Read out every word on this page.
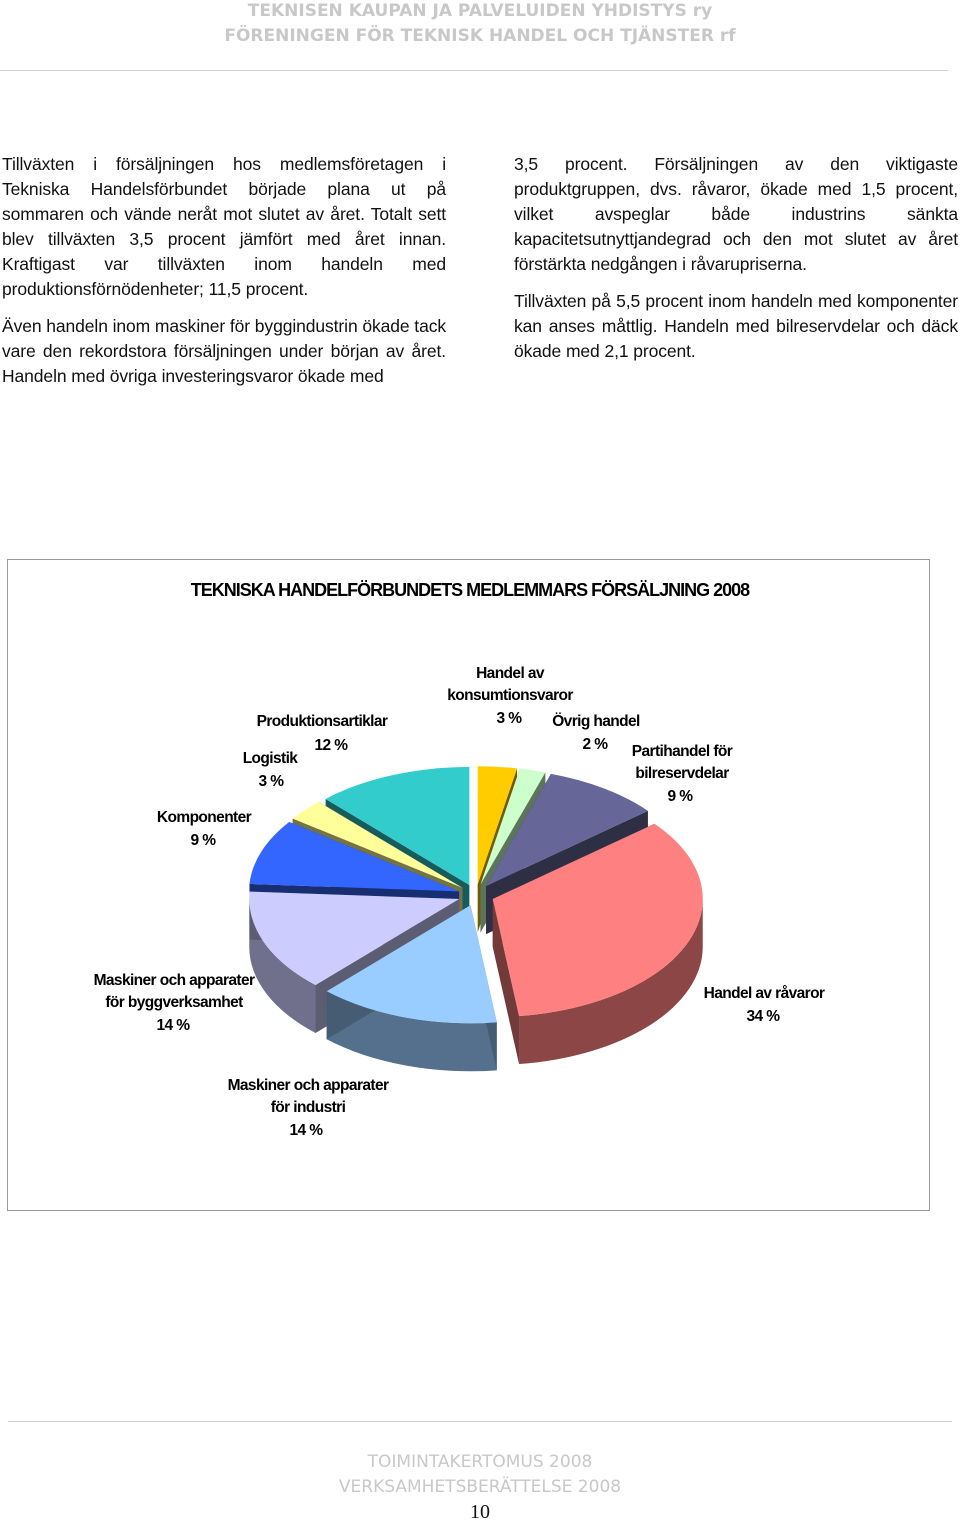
TEKNISEN KAUPAN JA PALVELUIDEN YHDISTYS ry
FÖRENINGEN FÖR TEKNISK HANDEL OCH TJÄNSTER rf

Tillväxten i försäljningen hos medlemsföretagen i Tekniska Handelsförbundet började plana ut på sommaren och vände neråt mot slutet av året. Totalt sett blev tillväxten 3,5 procent jämfört med året innan. Kraftigast var tillväxten inom handeln med produktionsförnödenheter; 11,5 procent.

Även handeln inom maskiner för byggindustrin ökade tack vare den rekordstora försäljningen under början av året. Handeln med övriga investeringsvaror ökade med

3,5 procent. Försäljningen av den viktigaste produktgruppen, dvs. råvaror, ökade med 1,5 procent, vilket avspeglar både industrins sänkta kapacitetsutnyttjandegrad och den mot slutet av året förstärkta nedgången i råvarupriserna.

Tillväxten på 5,5 procent inom handeln med komponenter kan anses måttlig. Handeln med bilreservdelar och däck ökade med 2,1 procent.

TEKNISKA HANDELFÖRBUNDETS MEDLEMMARS FÖRSÄLJNING 2008
Handel av
konsumtionsvaror
3 % Övrig handel
2 % Partihandel för
bilreservdelar
9 %
Handel av råvaror
34 %
Maskiner och apparater
för industri
14 %
Maskiner och apparater
för byggverksamhet
14 %
Komponenter
9 %
Logistik
3 %
Produktionsartiklar
12 %
TOIMINTAKERTOMUS 2008
VERKSAMHETSBERÄTTELSE 2008
10
